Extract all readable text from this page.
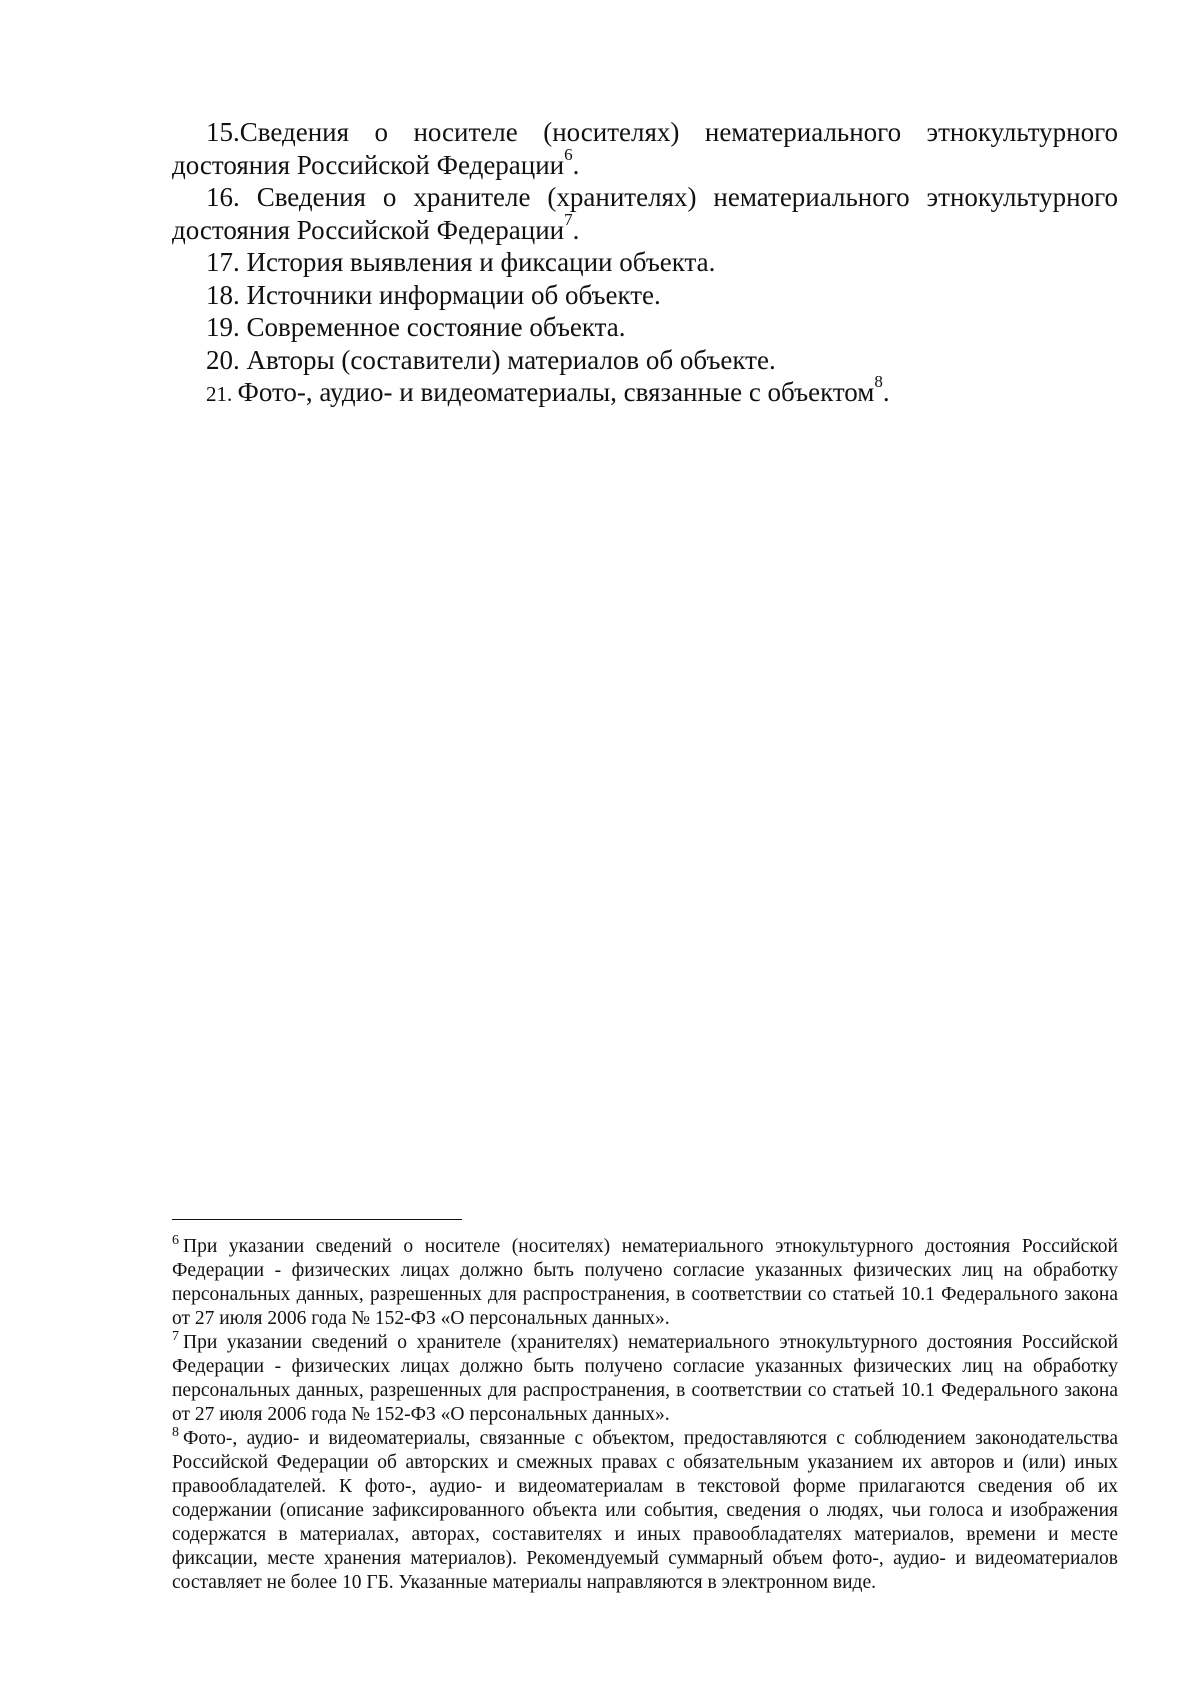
15.Сведения о носителе (носителях) нематериального этнокультурного достояния Российской Федерации$^6$.

16. Сведения о хранителе (хранителях) нематериального этнокультурного достояния Российской Федерации$^7$.

17. История выявления и фиксации объекта.

18. Источники информации об объекте.

19. Современное состояние объекта.

20. Авторы (составители) материалов об объекте.

21. Фото-, аудио- и видеоматериалы, связанные с объектом$^8$.

$^6$ При указании сведений о носителе (носителях) нематериального этнокультурного достояния Российской Федерации - физических лицах должно быть получено согласие указанных физических лиц на обработку персональных данных, разрешенных для распространения, в соответствии со статьей 10.1 Федерального закона от 27 июля 2006 года № 152-ФЗ «О персональных данных».

$^7$ При указании сведений о хранителе (хранителях) нематериального этнокультурного достояния Российской Федерации - физических лицах должно быть получено согласие указанных физических лиц на обработку персональных данных, разрешенных для распространения, в соответствии со статьей 10.1 Федерального закона от 27 июля 2006 года № 152-ФЗ «О персональных данных».

$^8$ Фото-, аудио- и видеоматериалы, связанные с объектом, предоставляются с соблюдением законодательства Российской Федерации об авторских и смежных правах с обязательным указанием их авторов и (или) иных правообладателей. К фото-, аудио- и видеоматериалам в текстовой форме прилагаются сведения об их содержании (описание зафиксированного объекта или события, сведения о людях, чьи голоса и изображения содержатся в материалах, авторах, составителях и иных правообладателях материалов, времени и месте фиксации, месте хранения материалов). Рекомендуемый суммарный объем фото-, аудио- и видеоматериалов составляет не более 10 ГБ. Указанные материалы направляются в электронном виде.
